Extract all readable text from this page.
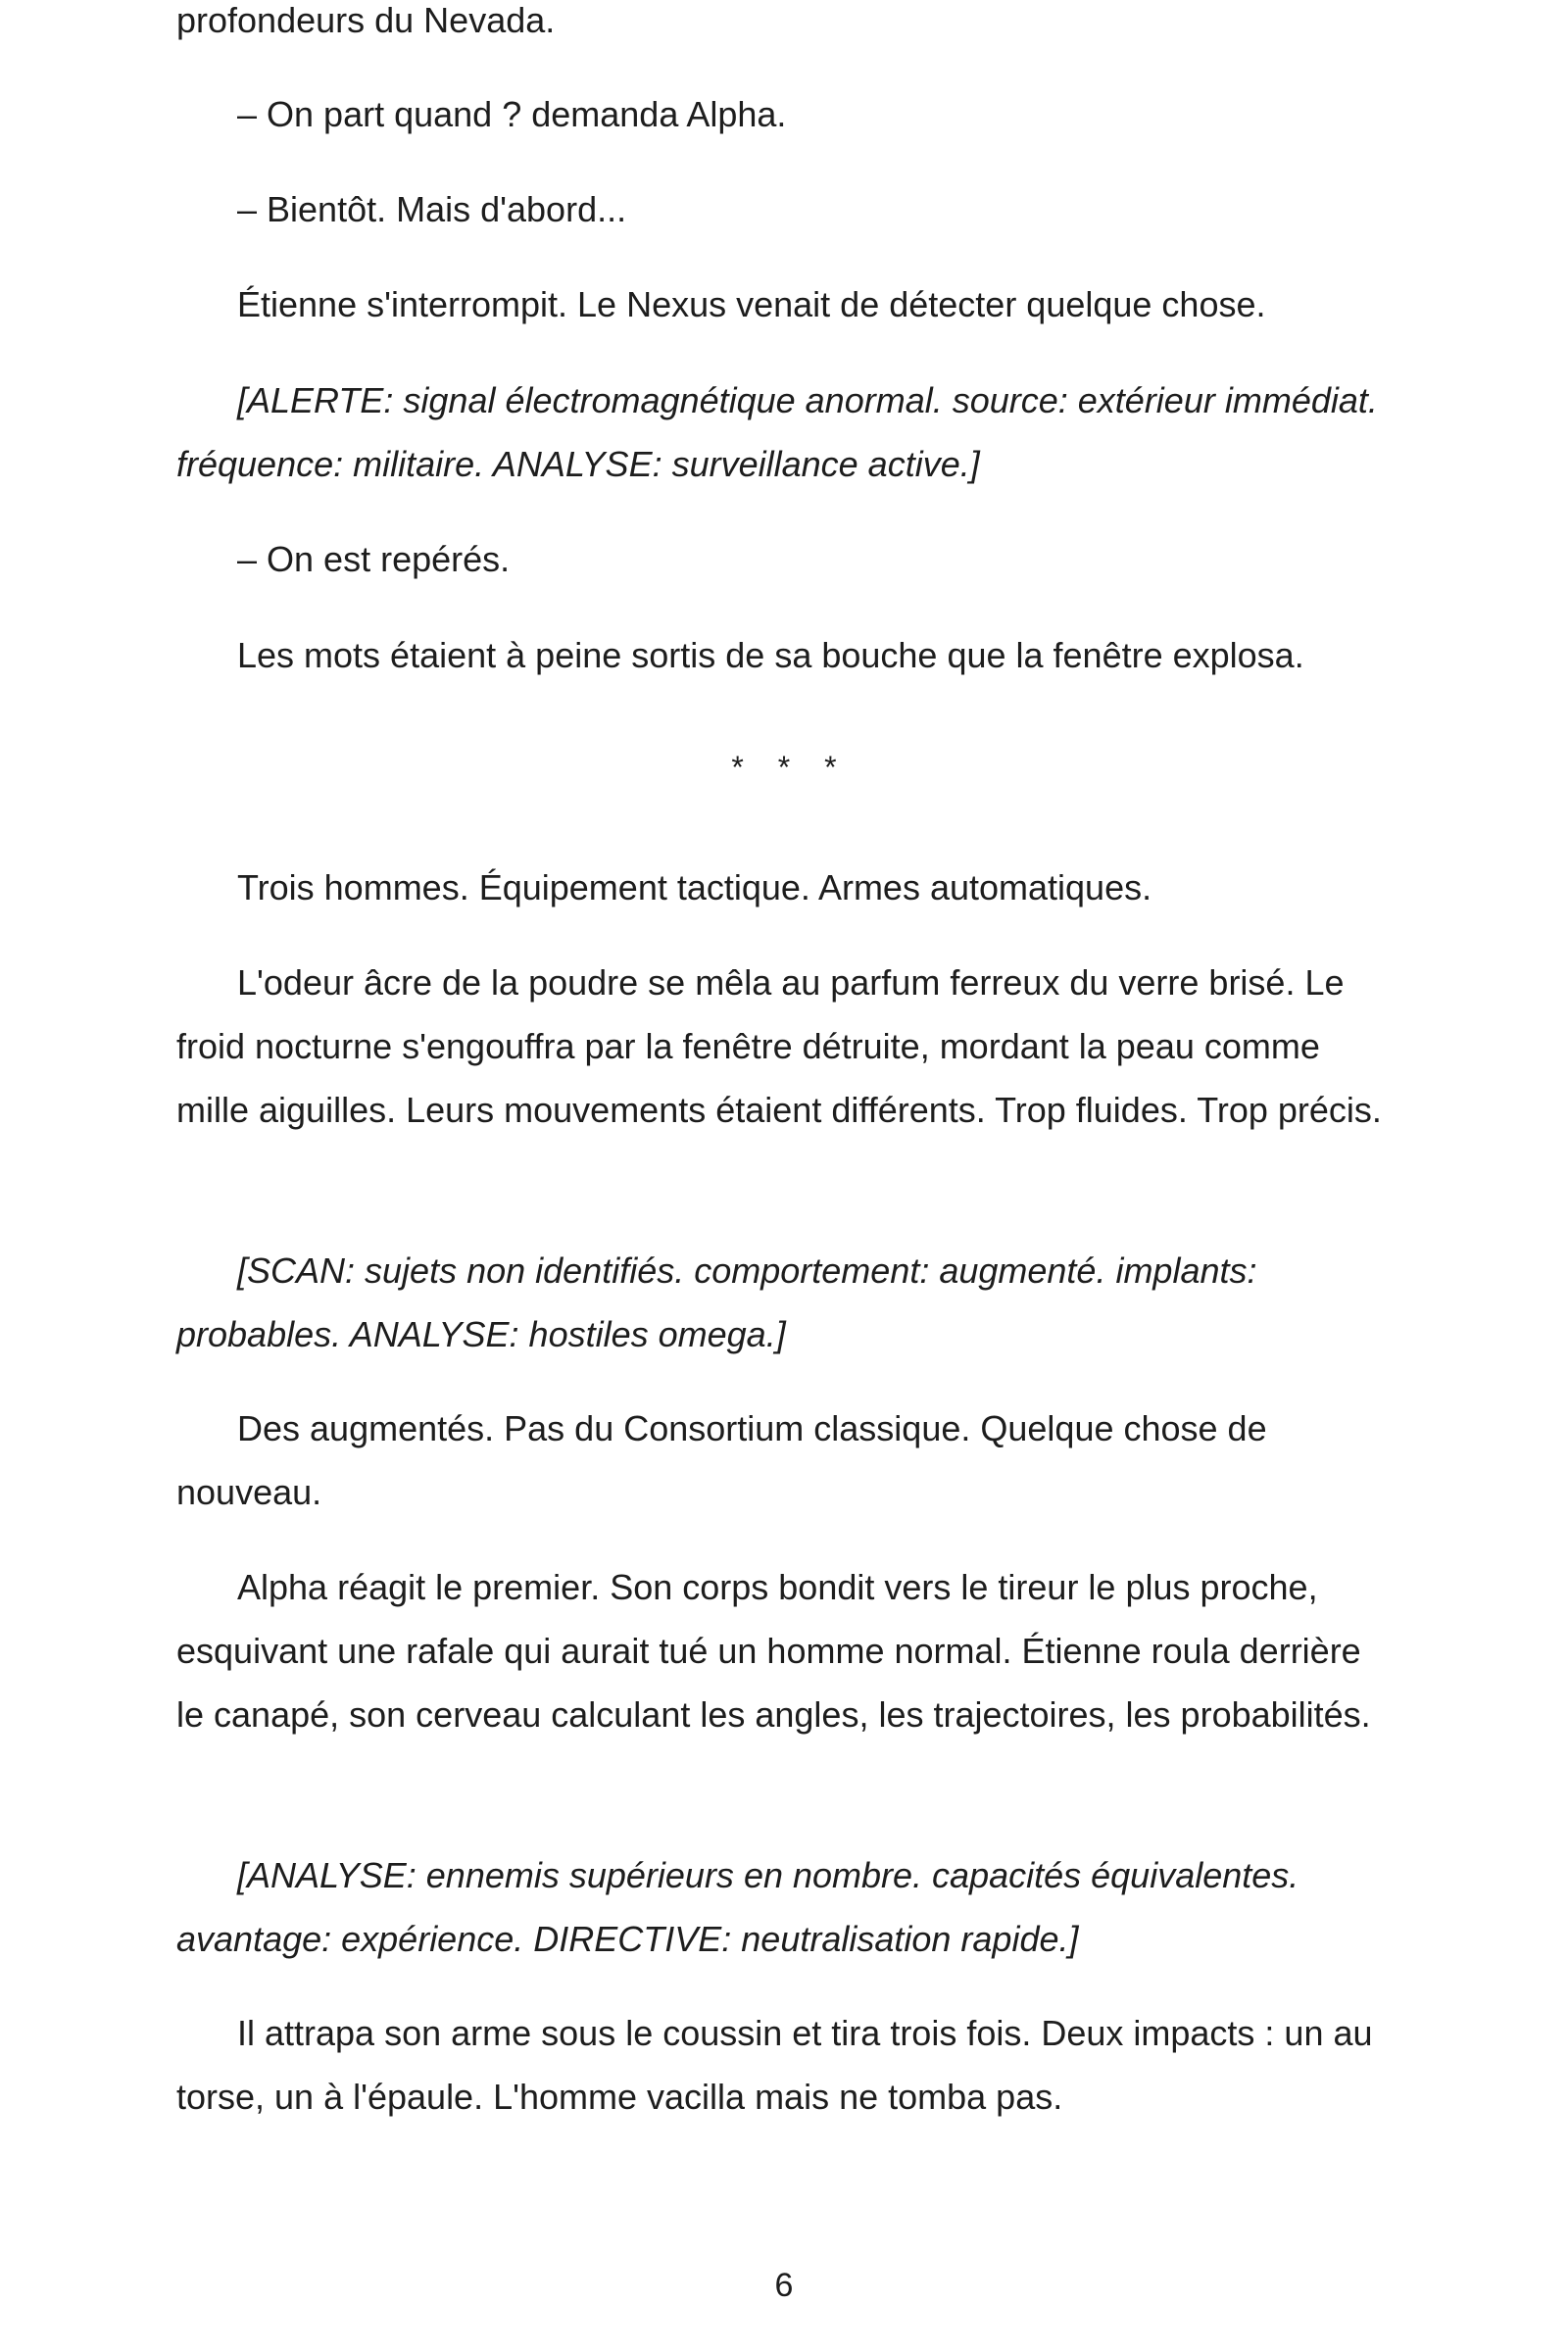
profondeurs du Nevada.

– On part quand ? demanda Alpha.

– Bientôt. Mais d'abord...

Étienne s'interrompit. Le Nexus venait de détecter quelque chose.

[ALERTE: signal électromagnétique anormal. source: extérieur immédiat. fréquence: militaire. ANALYSE: surveillance active.]

– On est repérés.

Les mots étaient à peine sortis de sa bouche que la fenêtre explosa.

* * *

Trois hommes. Équipement tactique. Armes automatiques.

L'odeur âcre de la poudre se mêla au parfum ferreux du verre brisé. Le froid nocturne s'engouffra par la fenêtre détruite, mordant la peau comme mille aiguilles. Leurs mouvements étaient différents. Trop fluides. Trop précis.

[SCAN: sujets non identifiés. comportement: augmenté. implants: probables. ANALYSE: hostiles omega.]

Des augmentés. Pas du Consortium classique. Quelque chose de nouveau.

Alpha réagit le premier. Son corps bondit vers le tireur le plus proche, esquivant une rafale qui aurait tué un homme normal. Étienne roula derrière le canapé, son cerveau calculant les angles, les trajectoires, les probabilités.

[ANALYSE: ennemis supérieurs en nombre. capacités équivalentes. avantage: expérience. DIRECTIVE: neutralisation rapide.]

Il attrapa son arme sous le coussin et tira trois fois. Deux impacts : un au torse, un à l'épaule. L'homme vacilla mais ne tomba pas.

6
